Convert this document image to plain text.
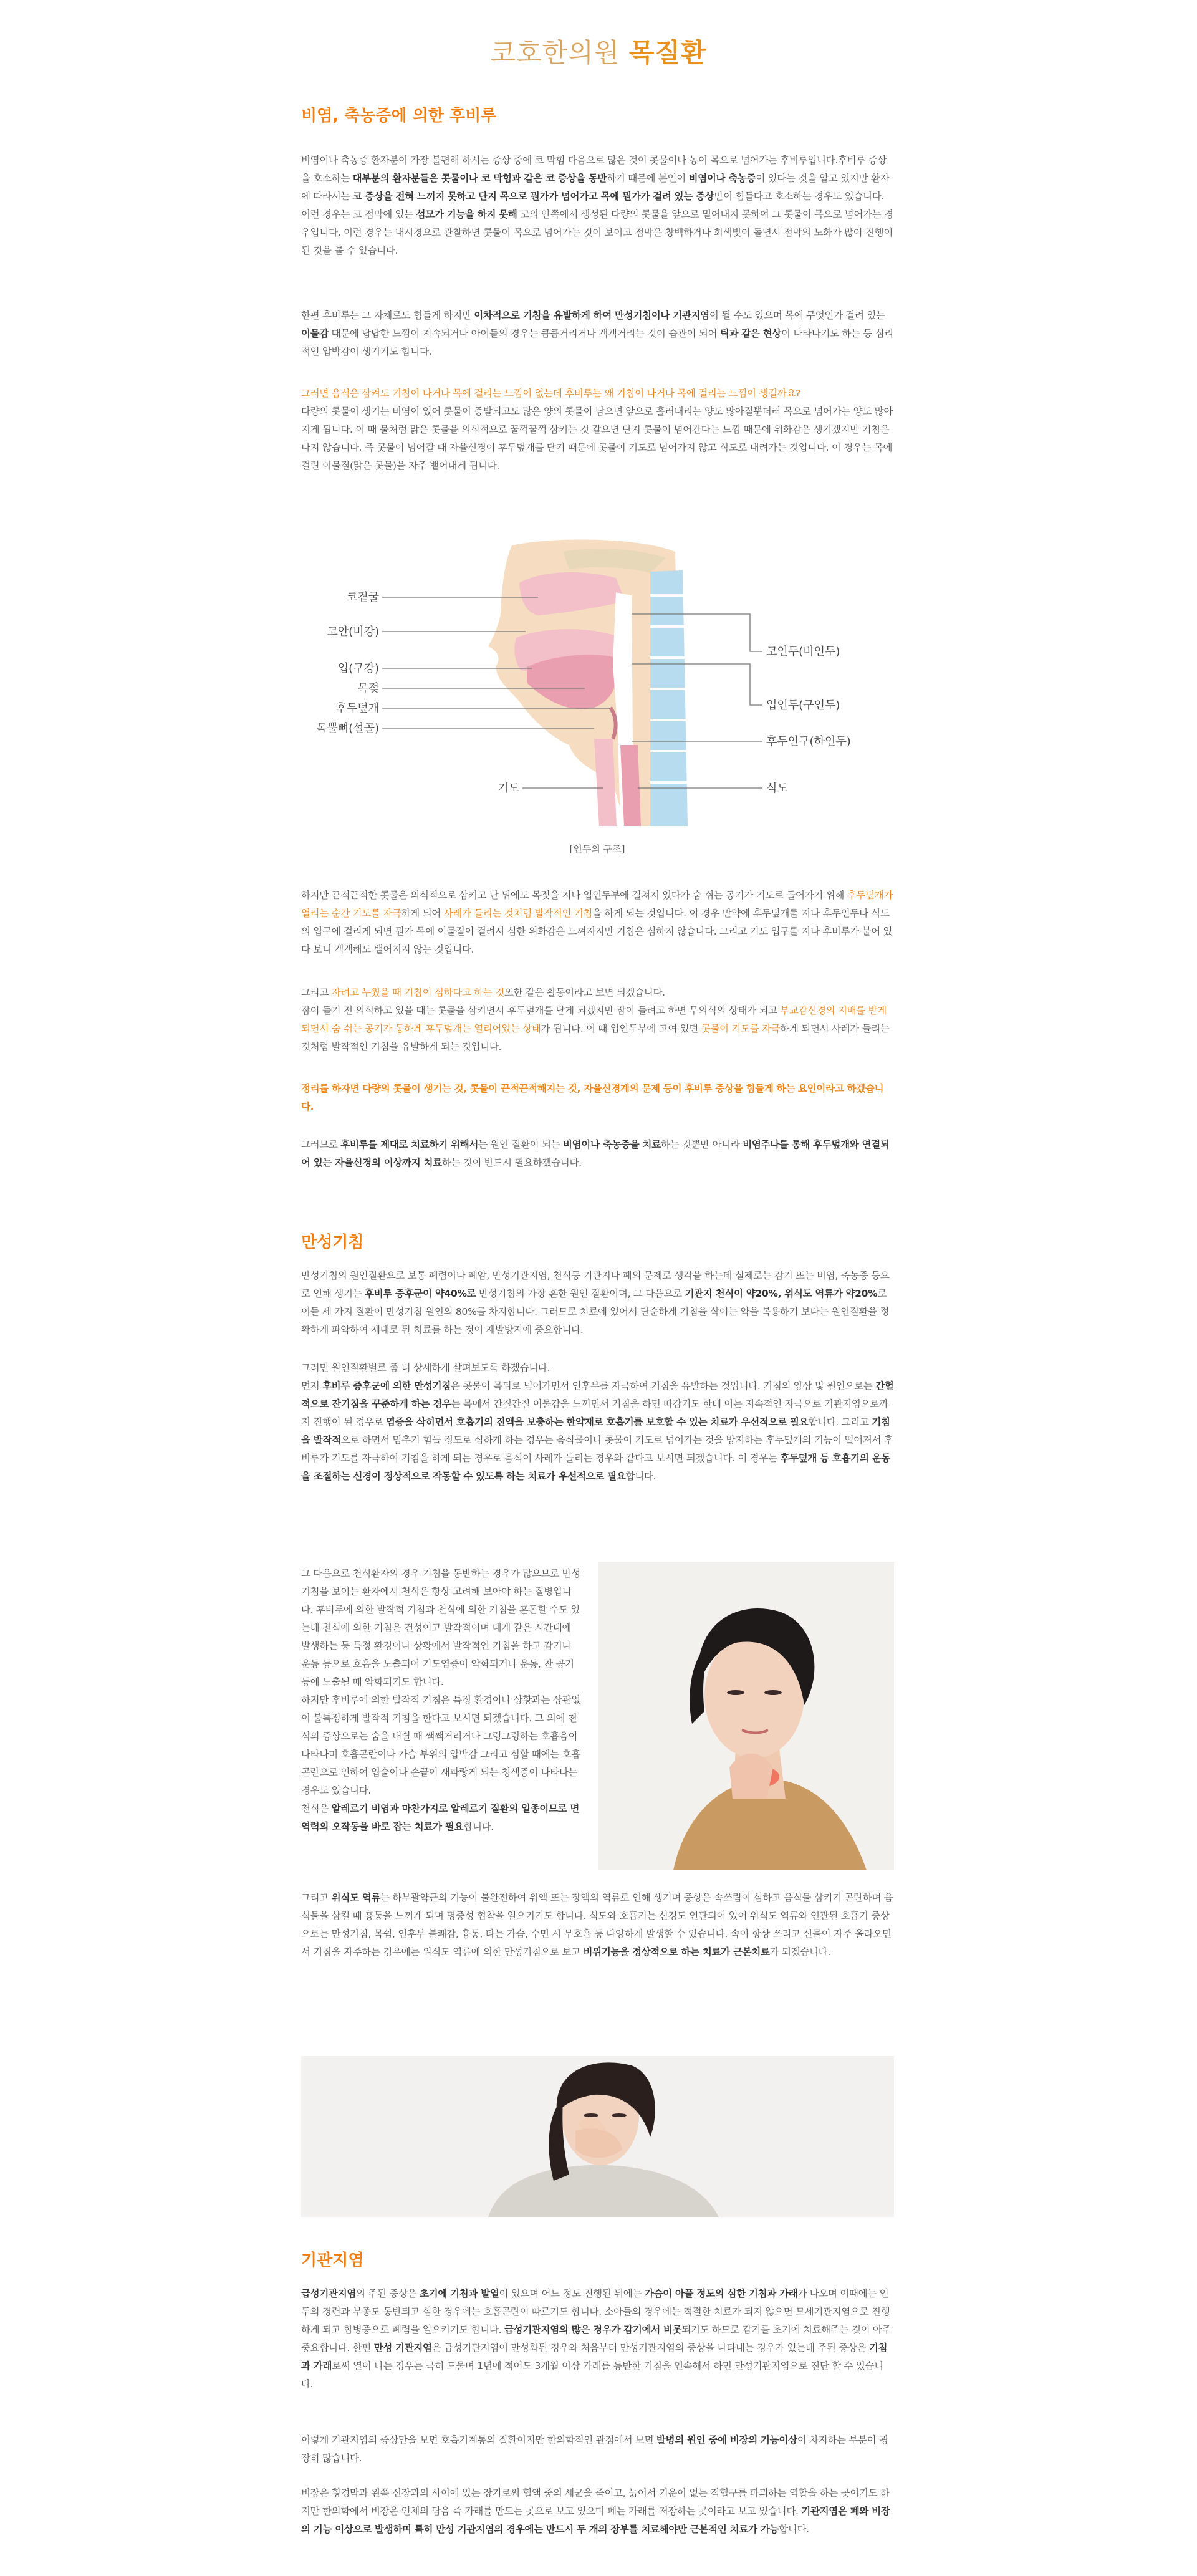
코호한의원 목질환
비염, 축농증에 의한 후비루

비염이나 축농증 환자분이 가장 불편해 하시는 증상 중에 코 막힘 다음으로 많은 것이 콧물이나 농이 목으로 넘어가는 후비루입니다.후비루 증상을 호소하는 대부분의 환자분들은 콧물이나 코 막힘과 같은 코 증상을 동반하기 때문에 본인이 비염이나 축농증이 있다는 것을 알고 있지만 환자에 따라서는 코 증상을 전혀 느끼지 못하고 단지 목으로 뭔가가 넘어가고 목에 뭔가가 걸려 있는 증상만이 힘들다고 호소하는 경우도 있습니다. 이런 경우는 코 점막에 있는 섬모가 기능을 하지 못해 코의 안쪽에서 생성된 다량의 콧물을 앞으로 밀어내지 못하여 그 콧물이 목으로 넘어가는 경우입니다. 이런 경우는 내시경으로 관찰하면 콧물이 목으로 넘어가는 것이 보이고 점막은 창백하거나 회색빛이 돌면서 점막의 노화가 많이 진행이 된 것을 볼 수 있습니다.

한편 후비루는 그 자체로도 힘들게 하지만 이차적으로 기침을 유발하게 하여 만성기침이나 기관지염이 될 수도 있으며 목에 무엇인가 걸려 있는 이물감 때문에 답답한 느낌이 지속되거나 아이들의 경우는 큼큼거리거나 캑캑거리는 것이 습관이 되어 틱과 같은 현상이 나타나기도 하는 등 심리적인 압박감이 생기기도 합니다.

그러면 음식은 삼켜도 기침이 나거나 목에 걸리는 느낌이 없는데 후비루는 왜 기침이 나거나 목에 걸리는 느낌이 생길까요?

다량의 콧물이 생기는 비염이 있어 콧물이 증발되고도 많은 양의 콧물이 남으면 앞으로 흘러내리는 양도 많아질뿐더러 목으로 넘어가는 양도 많아지게 됩니다. 이 때 물처럼 맑은 콧물을 의식적으로 꿀꺽꿀꺽 삼키는 것 같으면 단지 콧물이 넘어간다는 느낌 때문에 위화감은 생기겠지만 기침은 나지 않습니다. 즉 콧물이 넘어갈 때 자율신경이 후두덮개를 닫기 때문에 콧물이 기도로 넘어가지 않고 식도로 내려가는 것입니다. 이 경우는 목에 걸린 이물질(맑은 콧물)을 자주 뱉어내게 됩니다.

코곁굴
코안(비강)
입(구강)
목젖
후두덮개
목뿔뼈(설골)
기도
코인두(비인두)
입인두(구인두)
후두인구(하인두)
식도
[인두의 구조]

하지만 끈적끈적한 콧물은 의식적으로 삼키고 난 뒤에도 목젖을 지나 입인두부에 걸쳐져 있다가 숨 쉬는 공기가 기도로 들어가기 위해 후두덮개가 열리는 순간 기도를 자극하게 되어 사레가 들리는 것처럼 발작적인 기침을 하게 되는 것입니다. 이 경우 만약에 후두덮개를 지나 후두인두나 식도의 입구에 걸리게 되면 뭔가 목에 이물질이 걸려서 심한 위화감은 느껴지지만 기침은 심하지 않습니다. 그리고 기도 입구를 지나 후비루가 붙어 있다 보니 캑캑해도 뱉어지지 않는 것입니다.

그리고 자려고 누웠을 때 기침이 심하다고 하는 것또한 같은 활동이라고 보면 되겠습니다.

잠이 들기 전 의식하고 있을 때는 콧물을 삼키면서 후두덮개를 닫게 되겠지만 잠이 들려고 하면 무의식의 상태가 되고 부교감신경의 지배를 받게 되면서 숨 쉬는 공기가 통하게 후두덮개는 열리어있는 상태가 됩니다. 이 때 입인두부에 고여 있던 콧물이 기도를 자극하게 되면서 사레가 들리는 것처럼 발작적인 기침을 유발하게 되는 것입니다.

정리를 하자면 다량의 콧물이 생기는 것, 콧물이 끈적끈적해지는 것, 자율신경계의 문제 등이 후비루 증상을 힘들게 하는 요인이라고 하겠습니다.

그러므로 후비루를 제대로 치료하기 위해서는 원인 질환이 되는 비염이나 축농증을 치료하는 것뿐만 아니라 비염주나를 통해 후두덮개와 연결되어 있는 자율신경의 이상까지 치료하는 것이 반드시 필요하겠습니다.

만성기침

만성기침의 원인질환으로 보통 폐렴이나 폐암, 만성기관지염, 천식등 기관지나 폐의 문제로 생각을 하는데 실제로는 감기 또는 비염, 축농증 등으로 인해 생기는 후비루 증후군이 약40%로 만성기침의 가장 흔한 원인 질환이며, 그 다음으로 기관지 천식이 약20%, 위식도 역류가 약20%로 이들 세 가지 질환이 만성기침 원인의 80%를 차지합니다. 그러므로 치료에 있어서 단순하게 기침을 삭이는 약을 복용하기 보다는 원인질환을 정확하게 파악하여 제대로 된 치료를 하는 것이 재발방지에 중요합니다.

그러면 원인질환별로 좀 더 상세하게 살펴보도록 하겠습니다.

먼저 후비루 증후군에 의한 만성기침은 콧물이 목뒤로 넘어가면서 인후부를 자극하여 기침을 유발하는 것입니다. 기침의 양상 및 원인으로는 간헐적으로 잔기침을 꾸준하게 하는 경우는 목에서 간질간질 이물감을 느끼면서 기침을 하면 따갑기도 한데 이는 지속적인 자극으로 기관지염으로까지 진행이 된 경우로 염증을 삭히면서 호흡기의 진액을 보충하는 한약재로 호흡기를 보호할 수 있는 치료가 우선적으로 필요합니다. 그리고 기침을 발작적으로 하면서 멈추기 힘들 정도로 심하게 하는 경우는 음식물이나 콧물이 기도로 넘어가는 것을 방지하는 후두덮개의 기능이 떨어져서 후비루가 기도를 자극하여 기침을 하게 되는 경우로 음식이 사레가 들리는 경우와 같다고 보시면 되겠습니다. 이 경우는 후두덮개 등 호흡기의 운동을 조절하는 신경이 정상적으로 작동할 수 있도록 하는 치료가 우선적으로 필요합니다.

그 다음으로 천식환자의 경우 기침을 동반하는 경우가 많으므로 만성기침을 보이는 환자에서 천식은 항상 고려해 보아야 하는 질병입니다. 후비루에 의한 발작적 기침과 천식에 의한 기침을 혼돈할 수도 있는데 천식에 의한 기침은 건성이고 발작적이며 대개 같은 시간대에 발생하는 등 특정 환경이나 상황에서 발작적인 기침을 하고 감기나 운동 등으로 호흡을 노출되어 기도염증이 악화되거나 운동, 찬 공기 등에 노출될 때 악화되기도 합니다.

하지만 후비루에 의한 발작적 기침은 특정 환경이나 상황과는 상관없이 불특정하게 발작적 기침을 한다고 보시면 되겠습니다. 그 외에 천식의 증상으로는 숨을 내쉴 때 쌕쌕거리거나 그렁그렁하는 호흡음이 나타나며 호흡곤란이나 가슴 부위의 압박감 그리고 심할 때에는 호흡곤란으로 인하여 입술이나 손끝이 새파랗게 되는 청색증이 나타나는 경우도 있습니다.

천식은 알레르기 비염과 마찬가지로 알레르기 질환의 일종이므로 면역력의 오작동을 바로 잡는 치료가 필요합니다.

그리고 위식도 역류는 하부괄약근의 기능이 불완전하여 위액 또는 장액의 역류로 인해 생기며 증상은 속쓰림이 심하고 음식물 삼키기 곤란하며 음식물을 삼킬 때 흉통을 느끼게 되며 명증성 협착을 일으키기도 합니다. 식도와 호흡기는 신경도 연관되어 있어 위식도 역류와 연관된 호흡기 증상으로는 만성기침, 목쉼, 인후부 불쾌감, 흉통, 타는 가슴, 수면 시 무호흡 등 다양하게 발생할 수 있습니다. 속이 항상 쓰리고 신물이 자주 올라오면서 기침을 자주하는 경우에는 위식도 역류에 의한 만성기침으로 보고 비위기능을 정상적으로 하는 치료가 근본치료가 되겠습니다.

기관지염

급성기관지염의 주된 증상은 초기에 기침과 발열이 있으며 어느 정도 진행된 뒤에는 가슴이 아플 정도의 심한 기침과 가래가 나오며 이때에는 인두의 경련과 부종도 동반되고 심한 경우에는 호흡곤란이 따르기도 합니다. 소아들의 경우에는 적절한 치료가 되지 않으면 모세기관지염으로 진행하게 되고 합병증으로 폐렴을 일으키기도 합니다. 급성기관지염의 많은 경우가 감기에서 비롯되기도 하므로 감기를 초기에 치료해주는 것이 아주 중요합니다. 한편 만성 기관지염은 급성기관지염이 만성화된 경우와 처음부터 만성기관지염의 증상을 나타내는 경우가 있는데 주된 증상은 기침과 가래로써 열이 나는 경우는 극히 드물며 1년에 적어도 3개월 이상 가래를 동반한 기침을 연속해서 하면 만성기관지염으로 진단 할 수 있습니다.

이렇게 기관지염의 증상만을 보면 호흡기계통의 질환이지만 한의학적인 관점에서 보면 발병의 원인 중에 비장의 기능이상이 차지하는 부분이 굉장히 많습니다.

비장은 횡경막과 왼쪽 신장과의 사이에 있는 장기로써 혈액 중의 세균을 죽이고, 늙어서 기운이 없는 적혈구를 파괴하는 역할을 하는 곳이기도 하지만 한의학에서 비장은 인체의 담음 즉 가래를 만드는 곳으로 보고 있으며 폐는 가래를 저장하는 곳이라고 보고 있습니다. 기관지염은 폐와 비장의 기능 이상으로 발생하며 특히 만성 기관지염의 경우에는 반드시 두 개의 장부를 치료해야만 근본적인 치료가 가능합니다.
